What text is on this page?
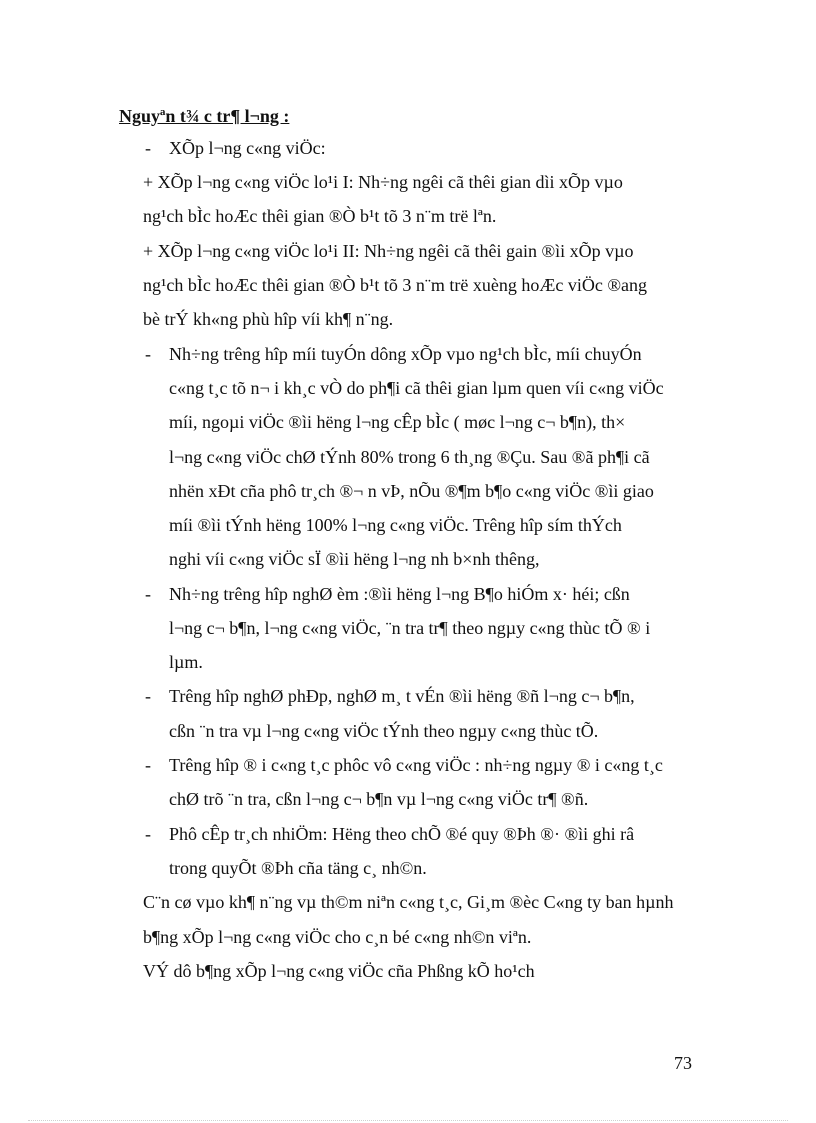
Nguyªn t¾ c tr¶ l¬ng :
-
-
-
-
-
-
XÕp l¬ng c«ng viÖc:
+ XÕp l¬ng c«ng viÖc lo¹i I: Nh÷ng ngêi cã thêi gian dìi xÕp vµo
ng¹ch bÌc hoÆc thêi gian ®Ò b¹t tõ 3 n¨m trë lªn.
+ XÕp l¬ng c«ng viÖc lo¹i II: Nh÷ng ngêi cã thêi gain ®ìi xÕp vµo
ng¹ch bÌc hoÆc thêi gian ®Ò b¹t tõ 3 n¨m trë xuèng hoÆc viÖc ®ang
bè trÝ kh«ng phù hîp víi kh¶ n¨ng.
Nh÷ng trêng hîp míi tuyÓn dông xÕp vµo ng¹ch bÌc, míi chuyÓn
c«ng t¸c tõ n¬ i kh¸c vÒ do ph¶i cã thêi gian lµm quen víi c«ng viÖc
míi, ngoµi viÖc ®ìi hëng l¬ng cÊp bÌc ( møc l¬ng c¬ b¶n), th×
l¬ng c«ng viÖc chØ tÝnh 80% trong 6 th¸ng ®Çu. Sau ®ã ph¶i cã
nhën xÐt cña phô tr¸ch ®¬ n vÞ, nÕu ®¶m b¶o c«ng viÖc ®ìi giao
míi ®ìi tÝnh hëng 100% l¬ng c«ng viÖc. Trêng hîp sím thÝch
nghi víi c«ng viÖc sÏ ®ìi hëng l¬ng nh b×nh thêng,
Nh÷ng trêng hîp nghØ èm :®ìi hëng l¬ng B¶o hiÓm x· héi; cßn
l¬ng c¬ b¶n, l¬ng c«ng viÖc, ¨n tra tr¶ theo ngµy c«ng thùc tÕ ® i
lµm.
Trêng hîp nghØ phÐp, nghØ m¸ t vÉn ®ìi hëng ®ñ l¬ng c¬ b¶n,
cßn ¨n tra vµ l¬ng c«ng viÖc tÝnh theo ngµy c«ng thùc tÕ.
Trêng hîp ® i c«ng t¸c phôc vô c«ng viÖc : nh÷ng ngµy ® i c«ng t¸c
chØ trõ ¨n tra, cßn l¬ng c¬ b¶n vµ l¬ng c«ng viÖc tr¶ ®ñ.
Phô cÊp tr¸ch nhiÖm: Hëng theo chÕ ®é quy ®Þh ®· ®ìi ghi râ
trong quyÕt ®Þh cña täng c¸ nh©n.
C¨n cø vµo kh¶ n¨ng vµ th©m niªn c«ng t¸c, Gi¸m ®èc C«ng ty ban hµnh
b¶ng xÕp l¬ng c«ng viÖc cho c¸n bé c«ng nh©n viªn.
VÝ dô b¶ng xÕp l¬ng c«ng viÖc cña Phßng kÕ ho¹ch
73
